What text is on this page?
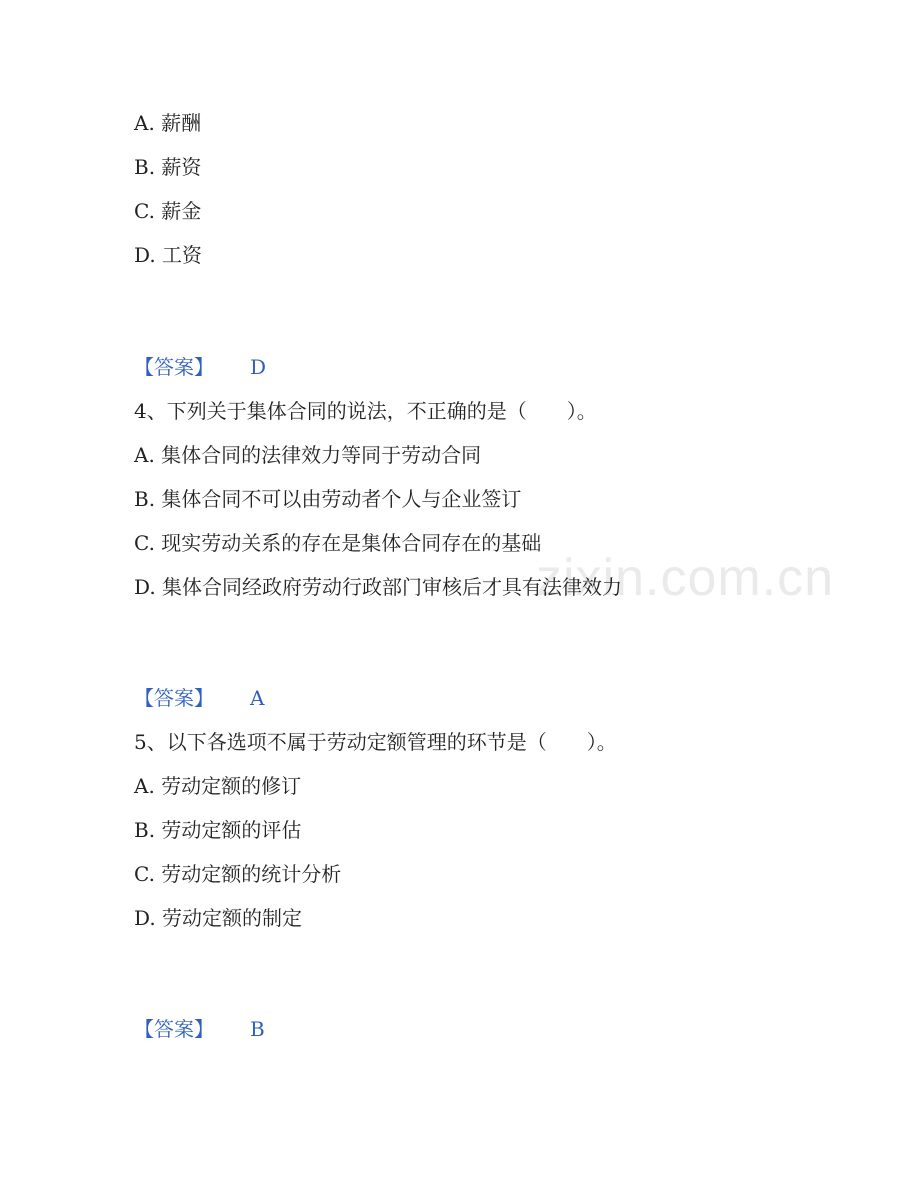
zixin.com.cn
A. 薪酬
B. 薪资
C. 薪金
D. 工资
【答案】 D
4、下列关于集体合同的说法，不正确的是（　　）。
A. 集体合同的法律效力等同于劳动合同
B. 集体合同不可以由劳动者个人与企业签订
C. 现实劳动关系的存在是集体合同存在的基础
D. 集体合同经政府劳动行政部门审核后才具有法律效力
【答案】 A
5、以下各选项不属于劳动定额管理的环节是（　　）。
A. 劳动定额的修订
B. 劳动定额的评估
C. 劳动定额的统计分析
D. 劳动定额的制定
【答案】 B
